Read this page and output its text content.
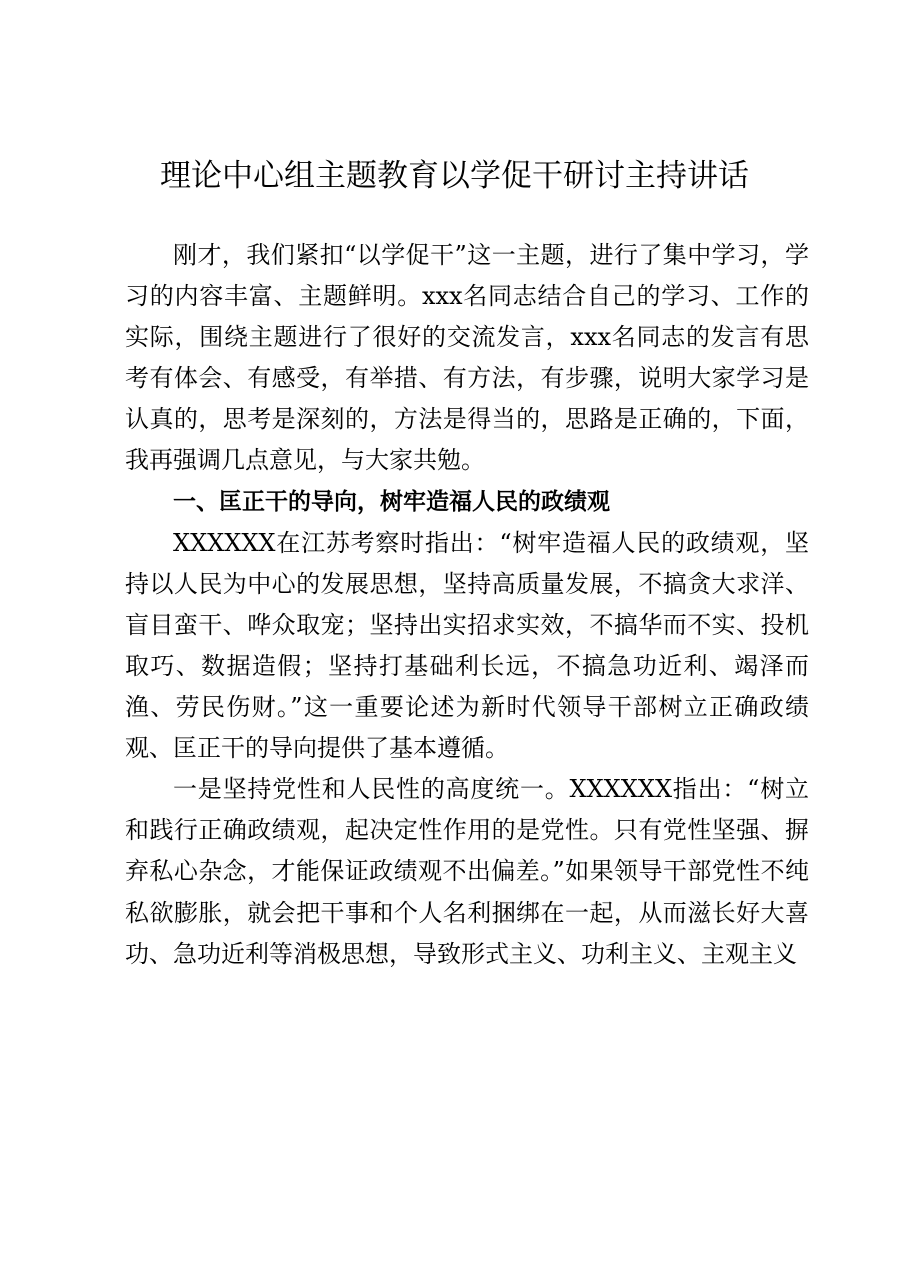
理论中心组主题教育以学促干研讨主持讲话

刚才，我们紧扣“以学促干”这一主题，进行了集中学习，学习的内容丰富、主题鲜明。xxx名同志结合自己的学习、工作的实际，围绕主题进行了很好的交流发言，xxx名同志的发言有思考有体会、有感受，有举措、有方法，有步骤，说明大家学习是认真的，思考是深刻的，方法是得当的，思路是正确的，下面，我再强调几点意见，与大家共勉。

一、匡正干的导向，树牢造福人民的政绩观

XXXXXX在江苏考察时指出：“树牢造福人民的政绩观，坚持以人民为中心的发展思想，坚持高质量发展，不搞贪大求洋、盲目蛮干、哗众取宠；坚持出实招求实效，不搞华而不实、投机取巧、数据造假；坚持打基础利长远，不搞急功近利、竭泽而渔、劳民伤财。”这一重要论述为新时代领导干部树立正确政绩观、匡正干的导向提供了基本遵循。

一是坚持党性和人民性的高度统一。XXXXXX指出：“树立和践行正确政绩观，起决定性作用的是党性。只有党性坚强、摒弃私心杂念，才能保证政绩观不出偏差。”如果领导干部党性不纯私欲膨胀，就会把干事和个人名利捆绑在一起，从而滋长好大喜功、急功近利等消极思想，导致形式主义、功利主义、主观主义
